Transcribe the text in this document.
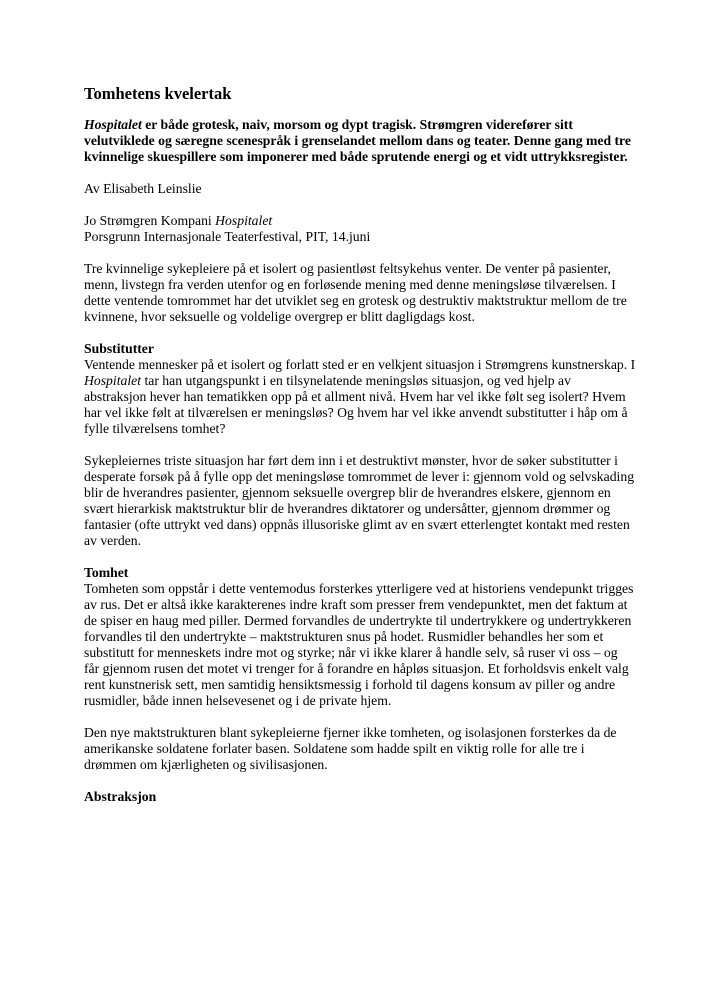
Tomhetens kvelertak

Hospitalet er både grotesk, naiv, morsom og dypt tragisk. Strømgren viderefører sitt velutviklede og særegne scenespråk i grenselandet mellom dans og teater. Denne gang med tre kvinnelige skuespillere som imponerer med både sprutende energi og et vidt uttrykksregister.

Av Elisabeth Leinslie

Jo Strømgren Kompani Hospitalet
Porsgrunn Internasjonale Teaterfestival, PIT, 14.juni

Tre kvinnelige sykepleiere på et isolert og pasientløst feltsykehus venter. De venter på pasienter, menn, livstegn fra verden utenfor og en forløsende mening med denne meningsløse tilværelsen. I dette ventende tomrommet har det utviklet seg en grotesk og destruktiv maktstruktur mellom de tre kvinnene, hvor seksuelle og voldelige overgrep er blitt dagligdags kost.

Substitutter

Ventende mennesker på et isolert og forlatt sted er en velkjent situasjon i Strømgrens kunstnerskap. I Hospitalet tar han utgangspunkt i en tilsynelatende meningsløs situasjon, og ved hjelp av abstraksjon hever han tematikken opp på et allment nivå. Hvem har vel ikke følt seg isolert? Hvem har vel ikke følt at tilværelsen er meningsløs? Og hvem har vel ikke anvendt substitutter i håp om å fylle tilværelsens tomhet?

Sykepleiernes triste situasjon har ført dem inn i et destruktivt mønster, hvor de søker substitutter i desperate forsøk på å fylle opp det meningsløse tomrommet de lever i: gjennom vold og selvskading blir de hverandres pasienter, gjennom seksuelle overgrep blir de hverandres elskere, gjennom en svært hierarkisk maktstruktur blir de hverandres diktatorer og undersåtter, gjennom drømmer og fantasier (ofte uttrykt ved dans) oppnås illusoriske glimt av en svært etterlengtet kontakt med resten av verden.

Tomhet

Tomheten som oppstår i dette ventemodus forsterkes ytterligere ved at historiens vendepunkt trigges av rus. Det er altså ikke karakterenes indre kraft som presser frem vendepunktet, men det faktum at de spiser en haug med piller. Dermed forvandles de undertrykte til undertrykkere og undertrykkeren forvandles til den undertrykte – maktstrukturen snus på hodet. Rusmidler behandles her som et substitutt for menneskets indre mot og styrke; når vi ikke klarer å handle selv, så ruser vi oss – og får gjennom rusen det motet vi trenger for å forandre en håpløs situasjon. Et forholdsvis enkelt valg rent kunstnerisk sett, men samtidig hensiktsmessig i forhold til dagens konsum av piller og andre rusmidler, både innen helsevesenet og i de private hjem.

Den nye maktstrukturen blant sykepleierne fjerner ikke tomheten, og isolasjonen forsterkes da de amerikanske soldatene forlater basen. Soldatene som hadde spilt en viktig rolle for alle tre i drømmen om kjærligheten og sivilisasjonen.

Abstraksjon
